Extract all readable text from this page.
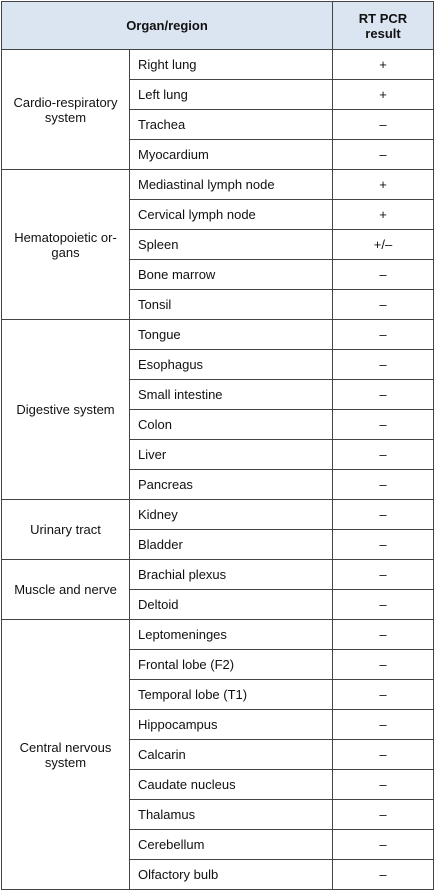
Organ/region		RT PCR result
Cardio-respiratory system	Right lung	+
	Left lung	+
	Trachea	–
	Myocardium	–
Hematopoietic or-gans	Mediastinal lymph node	+
	Cervical lymph node	+
	Spleen	+/–
	Bone marrow	–
	Tonsil	–
Digestive system	Tongue	–
	Esophagus	–
	Small intestine	–
	Colon	–
	Liver	–
	Pancreas	–
Urinary tract	Kidney	–
	Bladder	–
Muscle and nerve	Brachial plexus	–
	Deltoid	–
Central nervous system	Leptomeninges	–
	Frontal lobe (F2)	–
	Temporal lobe (T1)	–
	Hippocampus	–
	Calcarin	–
	Caudate nucleus	–
	Thalamus	–
	Cerebellum	–
	Olfactory bulb	–
